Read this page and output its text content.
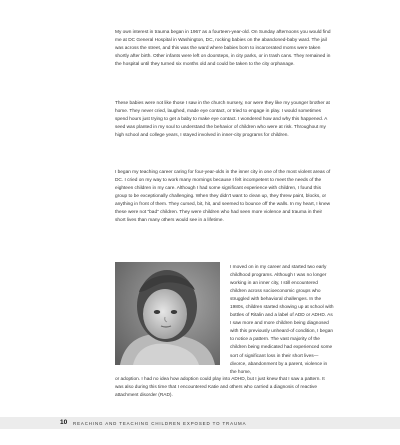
My own interest in trauma began in 1967 as a fourteen-year-old. On Sunday afternoons you would find me at DC General Hospital in Washington, DC, rocking babies on the abandoned-baby ward. The jail was across the street, and this was the ward where babies born to incarcerated moms were taken shortly after birth. Other infants were left on doorsteps, in city parks, or in trash cans. They remained in the hospital until they turned six months old and could be taken to the city orphanage.

These babies were not like those I saw in the church nursery, nor were they like my younger brother at home. They never cried, laughed, made eye contact, or tried to engage in play. I would sometimes spend hours just trying to get a baby to make eye contact. I wondered how and why this happened. A seed was planted in my soul to understand the behavior of children who were at risk. Throughout my high school and college years, I stayed involved in inner-city programs for children.

I began my teaching career caring for four-year-olds in the inner city in one of the most violent areas of DC. I cried on my way to work many mornings because I felt incompetent to meet the needs of the eighteen children in my care. Although I had some significant experience with children, I found this group to be exceptionally challenging. When they didn't want to clean up, they threw paint, blocks, or anything in front of them. They cursed, bit, hit, and seemed to bounce off the walls. In my heart, I knew these were not "bad" children. They were children who had seen more violence and trauma in their short lives than many others would see in a lifetime.

I moved on in my career and started two early childhood programs. Although I was no longer working in an inner city, I still encountered children across socioeconomic groups who struggled with behavioral challenges. In the 1980s, children started showing up at school with bottles of Ritalin and a label of ADD or ADHD. As I saw more and more children being diagnosed with this previously unheard-of condition, I began to notice a pattern. The vast majority of the children being medicated had experienced some sort of significant loss in their short lives—divorce, abandonment by a parent, violence in the home,

or adoption. I had no idea how adoption could play into ADHD, but I just knew that I saw a pattern. It was also during this time that I encountered Katie and others who carried a diagnosis of reactive attachment disorder (RAD).

10 REACHING AND TEACHING CHILDREN EXPOSED TO TRAUMA
